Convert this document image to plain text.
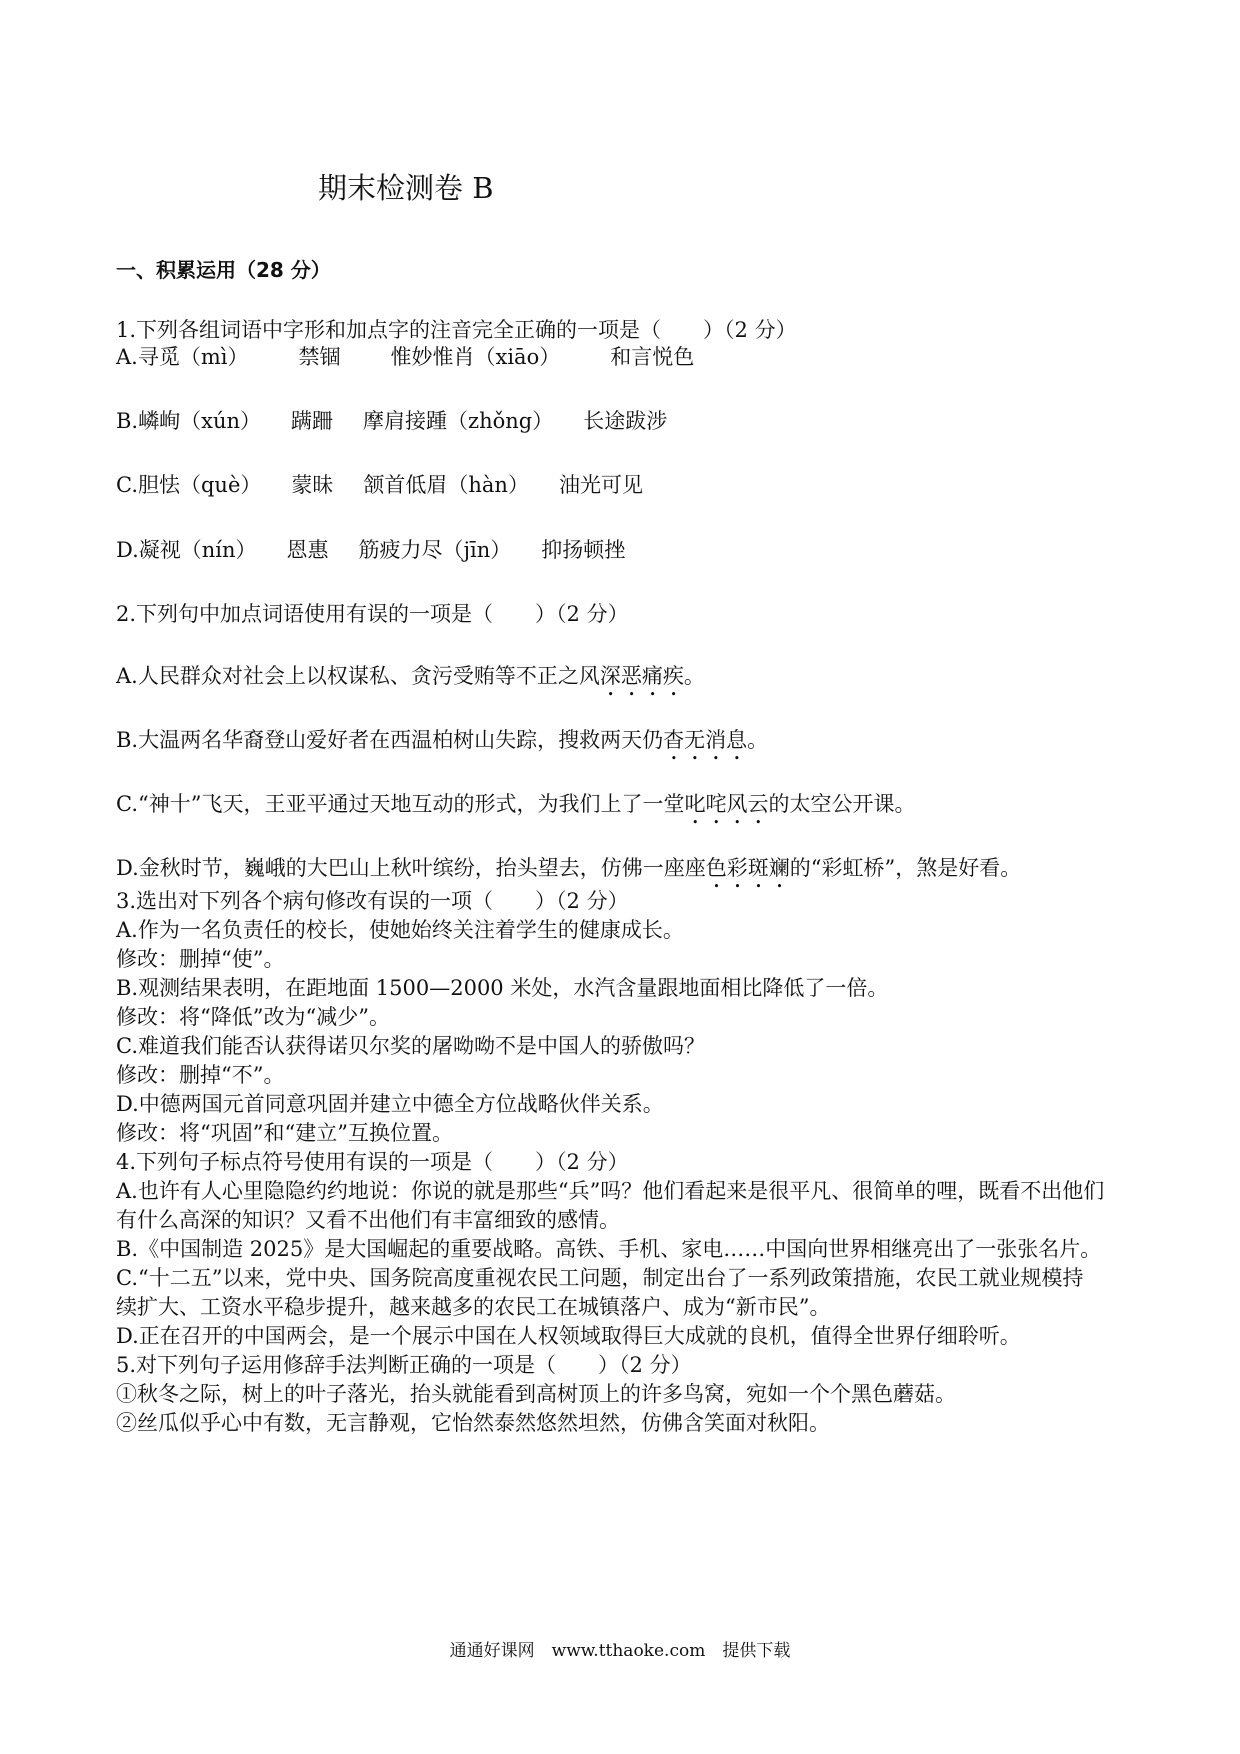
期末检测卷 B
一、积累运用（28 分）
1.下列各组词语中字形和加点字的注音完全正确的一项是（　　）（2 分）
A.寻觅（mì） 禁锢 惟妙惟肖（xiāo） 和言悦色
B.嶙峋（xún） 蹒跚 摩肩接踵（zhǒng） 长途跋涉
C.胆怯（què） 蒙昧 颔首低眉（hàn） 油光可见
D.凝视（nín） 恩惠 筋疲力尽（jīn） 抑扬顿挫
2.下列句中加点词语使用有误的一项是（　　）（2 分）
A.人民群众对社会上以权谋私、贪污受贿等不正之风深恶痛疾。
B.大温两名华裔登山爱好者在西温柏树山失踪，搜救两天仍杳无消息。
C.“神十”飞天，王亚平通过天地互动的形式，为我们上了一堂叱咤风云的太空公开课。
D.金秋时节，巍峨的大巴山上秋叶缤纷，抬头望去，仿佛一座座色彩斑斓的“彩虹桥”，煞是好看。
3.选出对下列各个病句修改有误的一项（　　）（2 分）
A.作为一名负责任的校长，使她始终关注着学生的健康成长。
修改：删掉“使”。
B.观测结果表明，在距地面 1500—2000 米处，水汽含量跟地面相比降低了一倍。
修改：将“降低”改为“减少”。
C.难道我们能否认获得诺贝尔奖的屠呦呦不是中国人的骄傲吗？
修改：删掉“不”。
D.中德两国元首同意巩固并建立中德全方位战略伙伴关系。
修改：将“巩固”和“建立”互换位置。
4.下列句子标点符号使用有误的一项是（　　）（2 分）
A.也许有人心里隐隐约约地说：你说的就是那些“兵”吗？他们看起来是很平凡、很简单的哩，既看不出他们
有什么高深的知识？又看不出他们有丰富细致的感情。
B.《中国制造 2025》是大国崛起的重要战略。高铁、手机、家电……中国向世界相继亮出了一张张名片。
C.“十二五”以来，党中央、国务院高度重视农民工问题，制定出台了一系列政策措施，农民工就业规模持
续扩大、工资水平稳步提升，越来越多的农民工在城镇落户、成为“新市民”。
D.正在召开的中国两会，是一个展示中国在人权领域取得巨大成就的良机，值得全世界仔细聆听。
5.对下列句子运用修辞手法判断正确的一项是（　　）（2 分）
①秋冬之际，树上的叶子落光，抬头就能看到高树顶上的许多鸟窝，宛如一个个黑色蘑菇。
②丝瓜似乎心中有数，无言静观，它怡然泰然悠然坦然，仿佛含笑面对秋阳。
通通好课网　www.tthaoke.com　提供下载
